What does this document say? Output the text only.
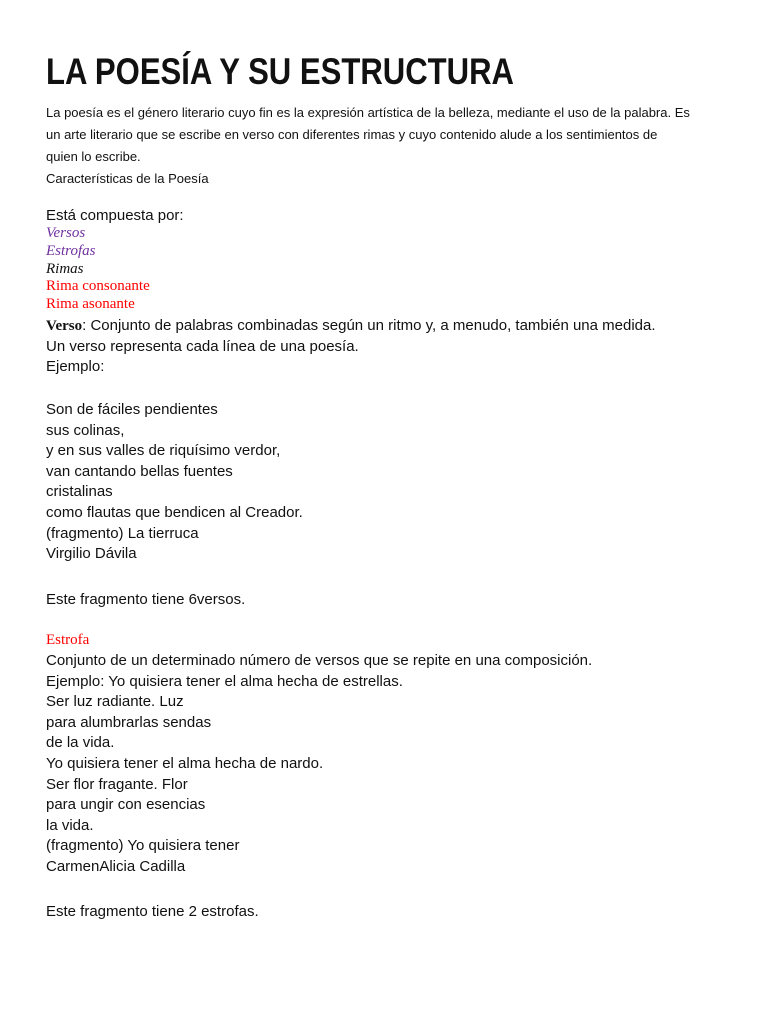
LA POESÍA Y SU ESTRUCTURA
La poesía es el género literario cuyo fin es la expresión artística de la belleza, mediante el uso de la palabra. Es
un arte literario que se escribe en verso con diferentes rimas y cuyo contenido alude a los sentimientos de
quien lo escribe.
Características de la Poesía
Está compuesta por:
Versos
Estrofas
Rimas
Rima consonante
Rima asonante
Verso: Conjunto de palabras combinadas según un ritmo y, a menudo, también una medida.
Un verso representa cada línea de una poesía.
Ejemplo:
Son de fáciles pendientes
sus colinas,
y en sus valles de riquísimo verdor,
van cantando bellas fuentes
cristalinas
como flautas que bendicen al Creador.
(fragmento) La tierruca
Virgilio Dávila
Este fragmento tiene 6versos.
Estrofa
Conjunto de un determinado número de versos que se repite en una composición.
Ejemplo: Yo quisiera tener el alma hecha de estrellas.
Ser luz radiante. Luz
para alumbrarlas sendas
de la vida.
Yo quisiera tener el alma hecha de nardo.
Ser flor fragante. Flor
para ungir con esencias
la vida.
(fragmento) Yo quisiera tener
CarmenAlicia Cadilla
Este fragmento tiene 2 estrofas.
